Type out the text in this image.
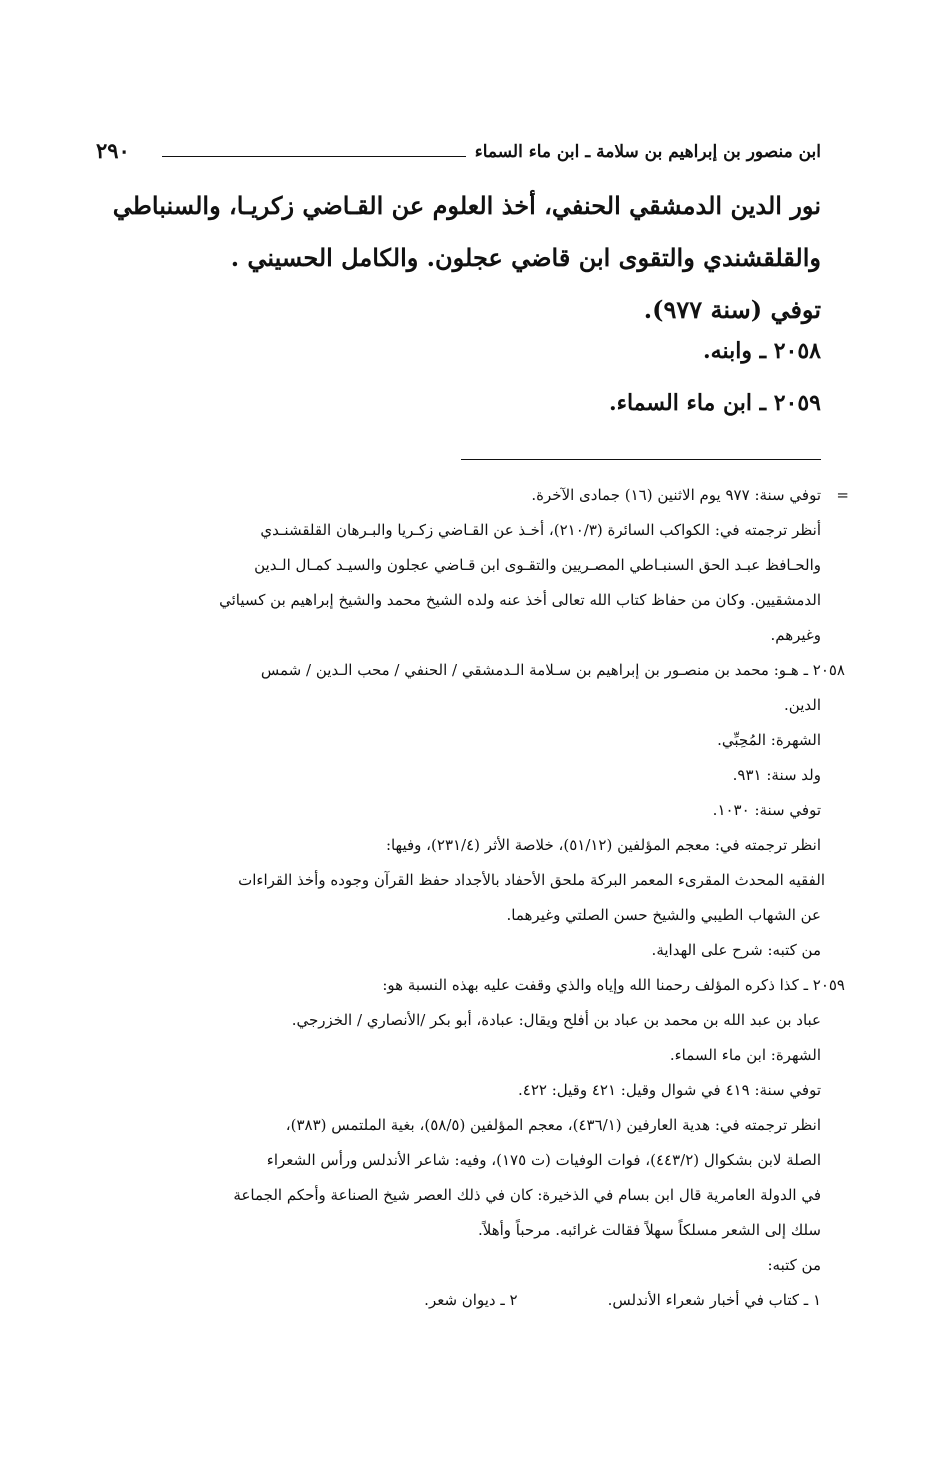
ابن منصور بن إبراهيم بن سلامة ـ ابن ماء السماء
٢٩٠

نور الدين الدمشقي الحنفي، أخذ العلوم عن القـاضي زكريـا، والسنباطي

والقلقشندي والتقوى ابن قاضي عجلون. والكامل الحسيني .

توفي (سنة ٩٧٧).

٢٠٥٨ ـ وابنه.
٢٠٥٩ ـ ابن ماء السماء.

=
توفي سنة: ٩٧٧ يوم الاثنين (١٦) جمادى الآخرة.

أنظر ترجمته في: الكواكب السائرة (٢١٠/٣)، أخـذ عن القـاضي زكـريا والبـرهان القلقشنـدي

والحـافظ عبـد الحق السنبـاطي المصـريين والتقـوى ابن قـاضي عجلون والسيـد كمـال الـدين

الدمشقيين. وكان من حفاظ كتاب الله تعالى أخذ عنه ولده الشيخ محمد والشيخ إبراهيم بن كسيائي

وغيرهم.

٢٠٥٨ ـ هـو: محمد بن منصـور بن إبراهيم بن سـلامة الـدمشقي / الحنفي / محب الـدين / شمس

الدين.

الشهرة: المُحِبِّي.

ولد سنة: ٩٣١.

توفي سنة: ١٠٣٠.

انظر ترجمته في: معجم المؤلفين (٥١/١٢)، خلاصة الأثر (٢٣١/٤)، وفيها:

الفقيه المحدث المقرىء المعمر البركة ملحق الأحفاد بالأجداد حفظ القرآن وجوده وأخذ القراءات

عن الشهاب الطيبي والشيخ حسن الصلتي وغيرهما.

من كتبه: شرح على الهداية.

٢٠٥٩ ـ كذا ذكره المؤلف رحمنا الله وإياه والذي وقفت عليه بهذه النسبة هو:

عباد بن عبد الله بن محمد بن عباد بن أفلح ويقال: عبادة، أبو بكر /الأنصاري / الخزرجي.

الشهرة: ابن ماء السماء.

توفي سنة: ٤١٩ في شوال وقيل: ٤٢١ وقيل: ٤٢٢.

انظر ترجمته في: هدية العارفين (٤٣٦/١)، معجم المؤلفين (٥٨/٥)، بغية الملتمس (٣٨٣)،

الصلة لابن بشكوال (٤٤٣/٢)، فوات الوفيات (ت ١٧٥)، وفيه: شاعر الأندلس ورأس الشعراء

في الدولة العامرية قال ابن بسام في الذخيرة: كان في ذلك العصر شيخ الصناعة وأحكم الجماعة

سلك إلى الشعر مسلكاً سهلاً فقالت غرائبه. مرحباً وأهلاً.

من كتبه:

١ ـ كتاب في أخبار شعراء الأندلس.
٢ ـ ديوان شعر.
